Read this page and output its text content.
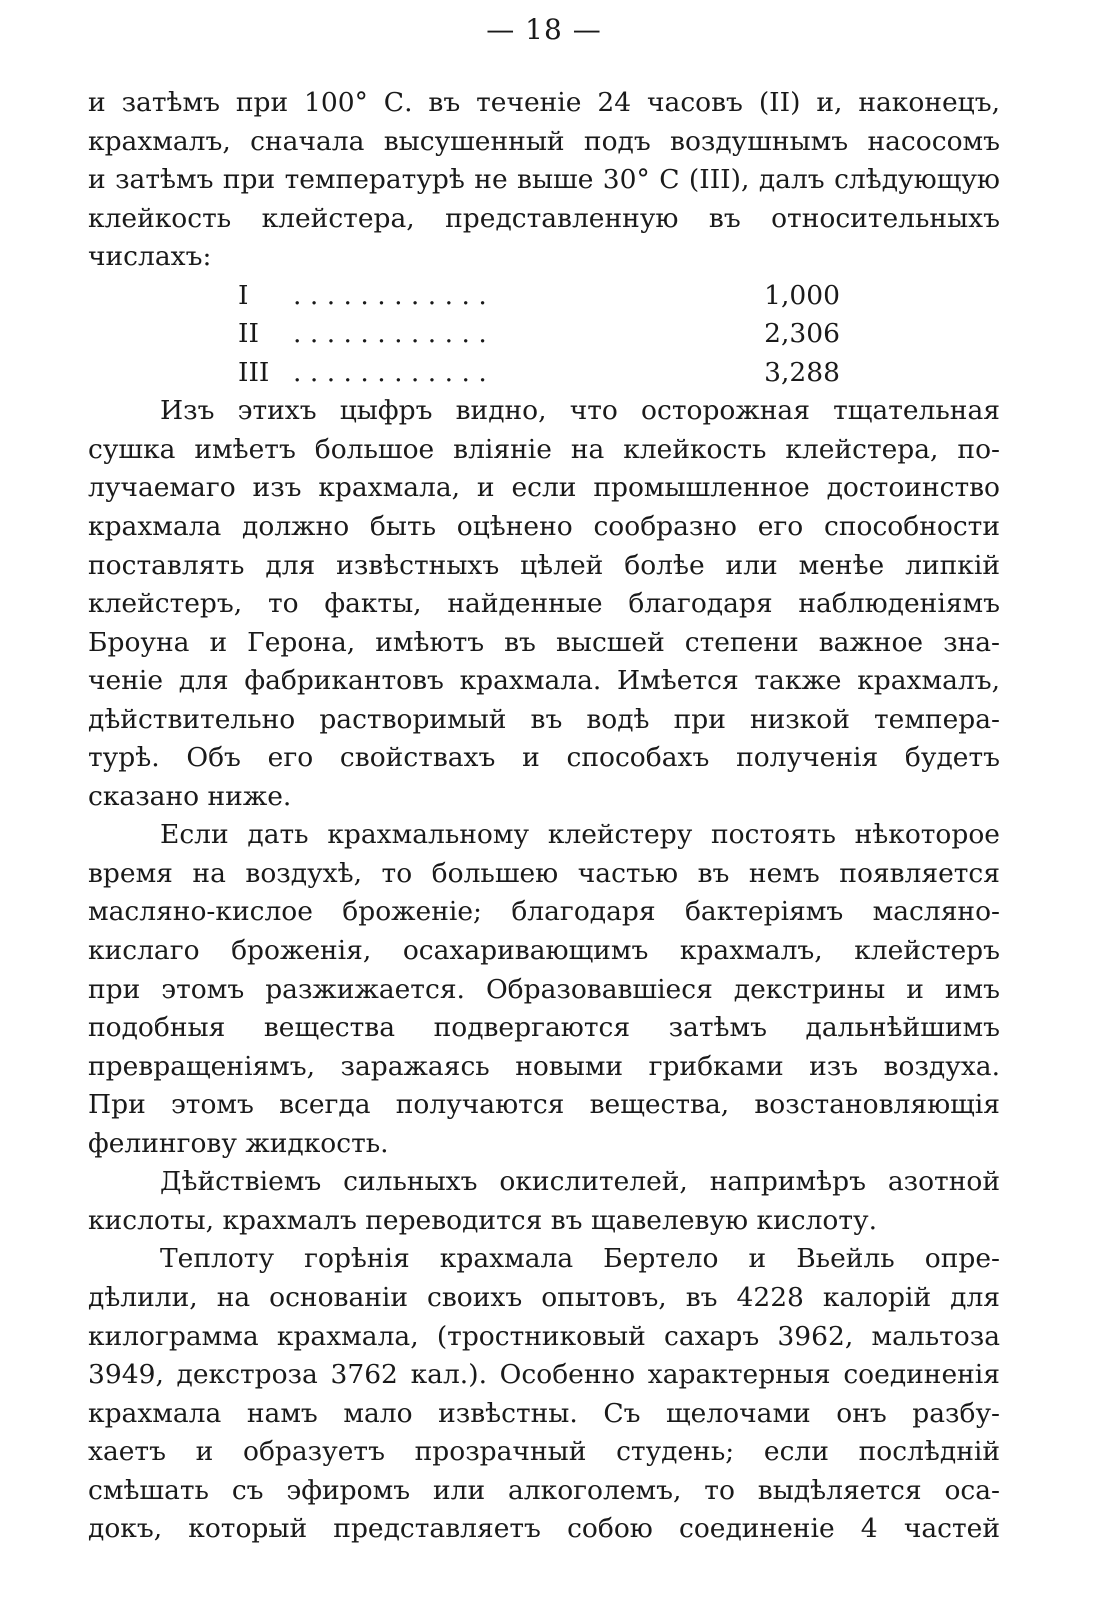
— 18 —
и затѣмъ при 100° С. въ теченіе 24 часовъ (II) и, наконецъ,
крахмалъ, сначала высушенный подъ воздушнымъ насосомъ
и затѣмъ при температурѣ не выше 30° С (III), далъ слѣдующую
клейкость клейстера, представленную въ относительныхъ
числахъ:
I . . . . . . . . . . . .	1,000
II . . . . . . . . . . . .	2,306
III . . . . . . . . . . . .	3,288
Изъ этихъ цыфръ видно, что осторожная тщательная
сушка имѣетъ большое вліяніе на клейкость клейстера, по-
лучаемаго изъ крахмала, и если промышленное достоинство
крахмала должно быть оцѣнено сообразно его способности
поставлять для извѣстныхъ цѣлей болѣе или менѣе липкій
клейстеръ, то факты, найденные благодаря наблюденіямъ
Броуна и Герона, имѣютъ въ высшей степени важное зна-
ченіе для фабрикантовъ крахмала. Имѣется также крахмалъ,
дѣйствительно растворимый въ водѣ при низкой темпера-
турѣ. Объ его свойствахъ и способахъ полученія будетъ
сказано ниже.
Если дать крахмальному клейстеру постоять нѣкоторое
время на воздухѣ, то большею частью въ немъ появляется
масляно-кислое броженіе; благодаря бактеріямъ масляно-
кислаго броженія, осахаривающимъ крахмалъ, клейстеръ
при этомъ разжижается. Образовавшіеся декстрины и имъ
подобныя вещества подвергаются затѣмъ дальнѣйшимъ
превращеніямъ, заражаясь новыми грибками изъ воздуха.
При этомъ всегда получаются вещества, возстановляющія
фелингову жидкость.
Дѣйствіемъ сильныхъ окислителей, напримѣръ азотной
кислоты, крахмалъ переводится въ щавелевую кислоту.
Теплоту горѣнія крахмала Бертело и Вьейль опре-
дѣлили, на основаніи своихъ опытовъ, въ 4228 калорій для
килограмма крахмала, (тростниковый сахаръ 3962, мальтоза
3949, декстроза 3762 кал.). Особенно характерныя соединенія
крахмала намъ мало извѣстны. Съ щелочами онъ разбу-
хаетъ и образуетъ прозрачный студень; если послѣдній
смѣшать съ эфиромъ или алкоголемъ, то выдѣляется оса-
докъ, который представляетъ собою соединеніе 4 частей
